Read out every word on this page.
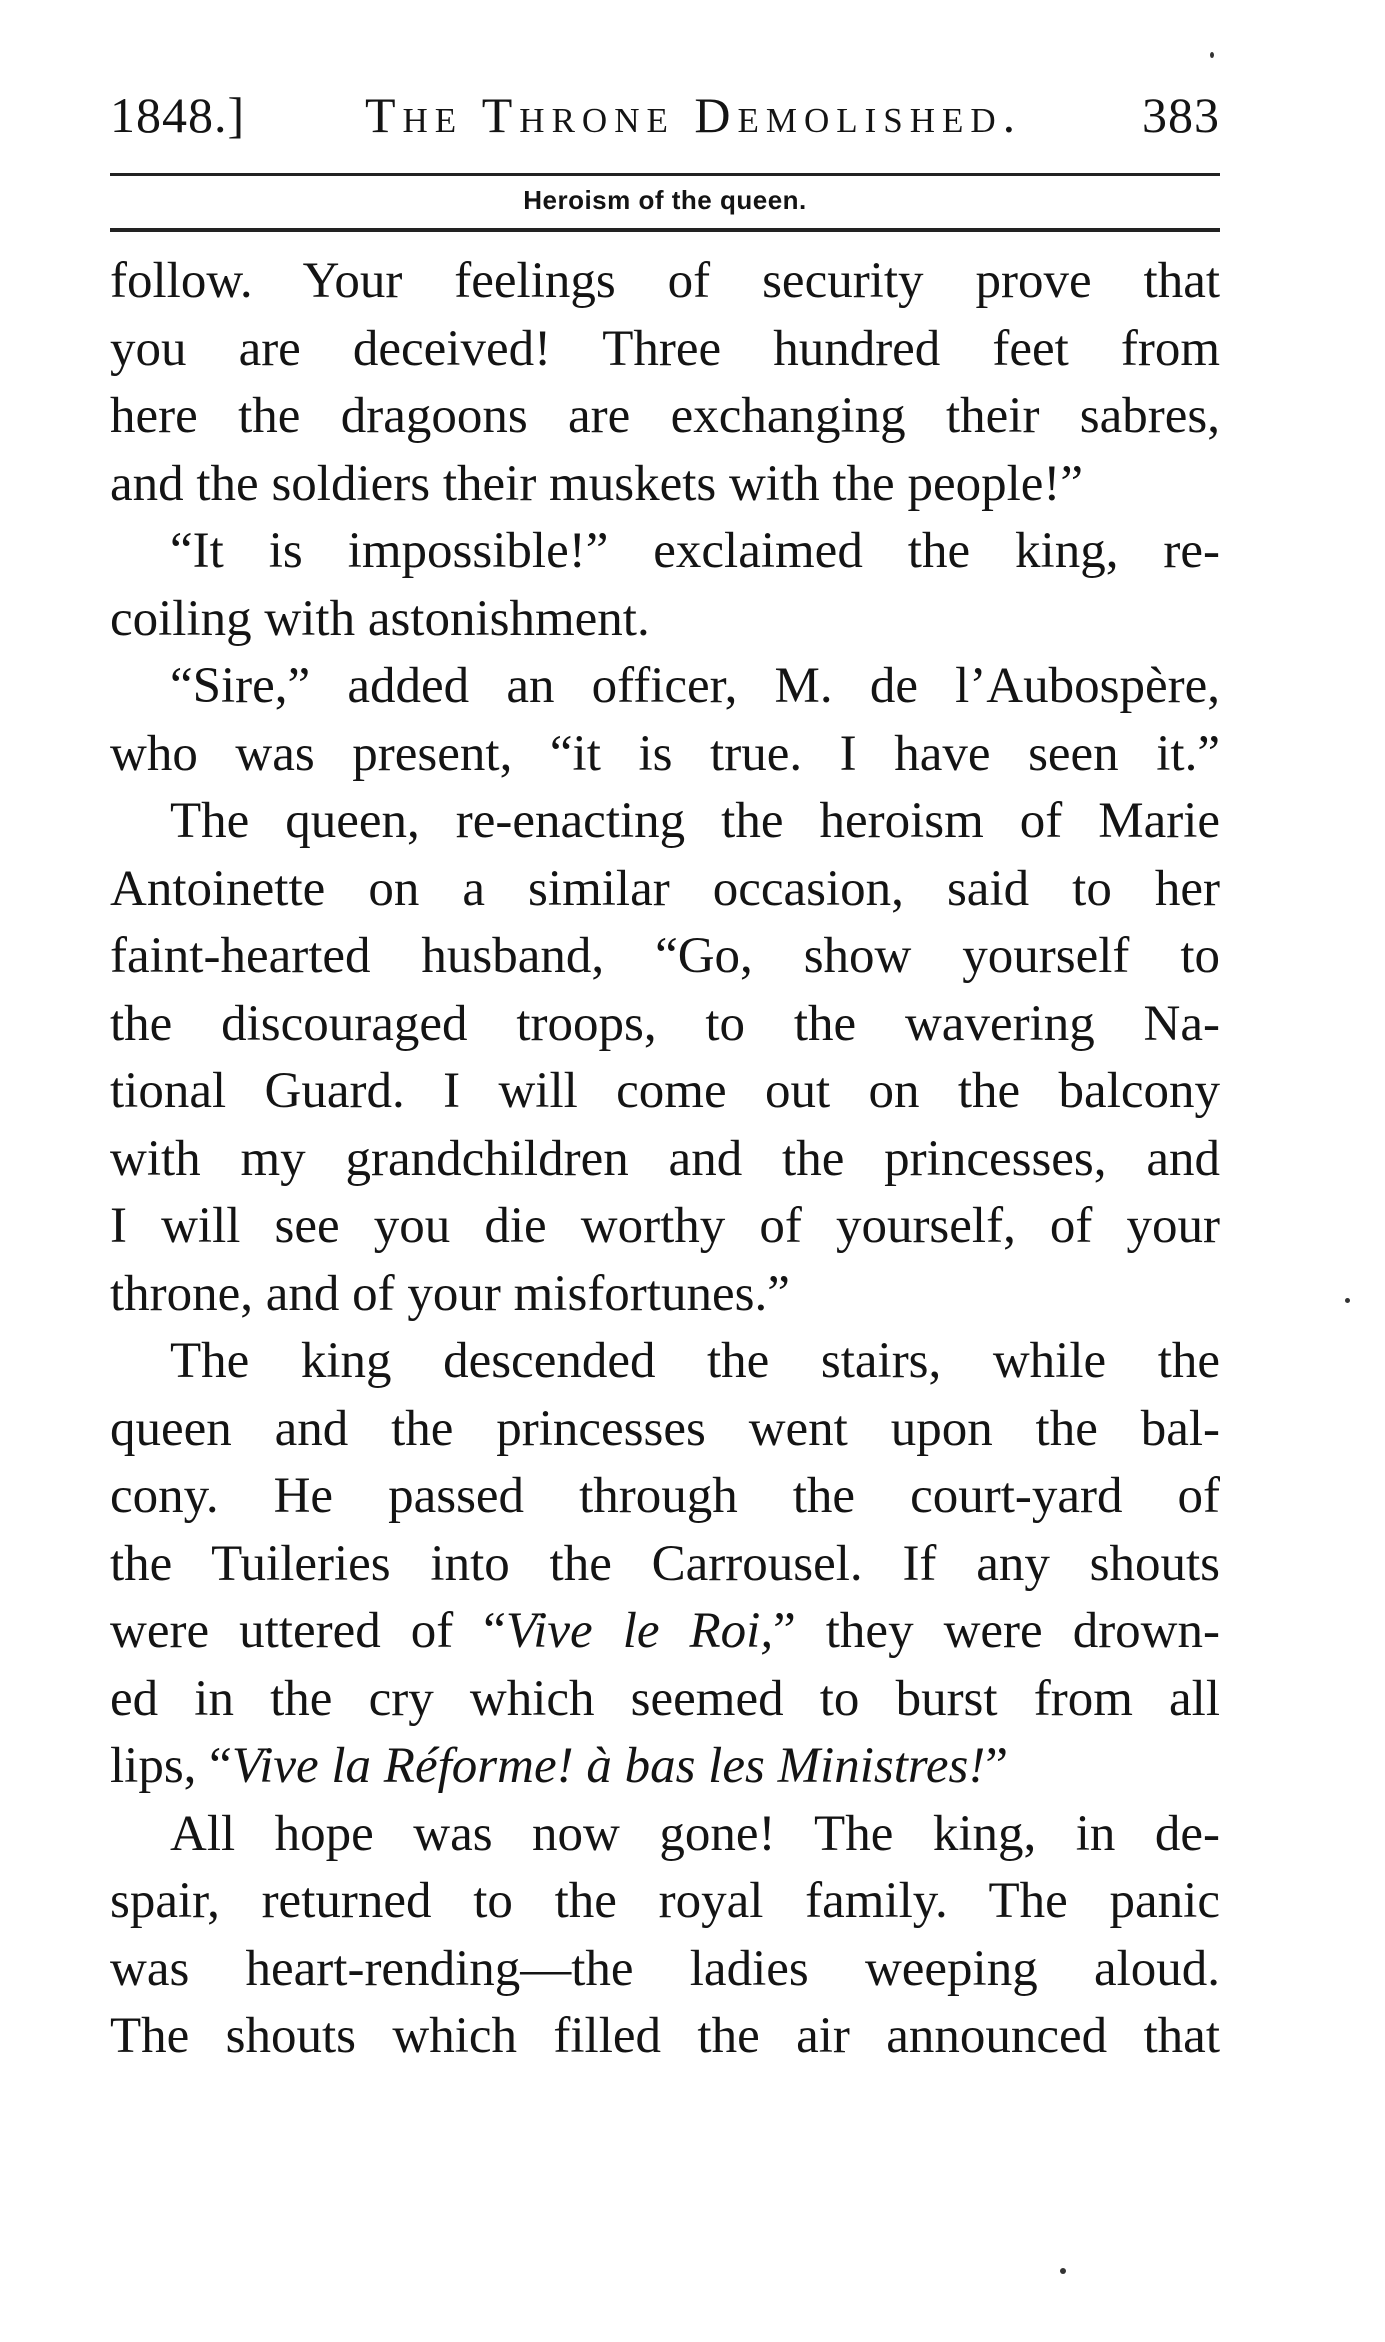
1848.] The Throne Demolished. 383
Heroism of the queen.
follow. Your feelings of security prove that
you are deceived! Three hundred feet from
here the dragoons are exchanging their sabres,
and the soldiers their muskets with the people!”
“It is impossible!” exclaimed the king, re-
coiling with astonishment.
“Sire,” added an officer, M. de l’Aubospère,
who was present, “it is true. I have seen it.”
The queen, re-enacting the heroism of Marie
Antoinette on a similar occasion, said to her
faint-hearted husband, “Go, show yourself to
the discouraged troops, to the wavering Na-
tional Guard. I will come out on the balcony
with my grandchildren and the princesses, and
I will see you die worthy of yourself, of your
throne, and of your misfortunes.”
The king descended the stairs, while the
queen and the princesses went upon the bal-
cony. He passed through the court-yard of
the Tuileries into the Carrousel. If any shouts
were uttered of “Vive le Roi,” they were drown-
ed in the cry which seemed to burst from all
lips, “Vive la Réforme! à bas les Ministres!”
All hope was now gone! The king, in de-
spair, returned to the royal family. The panic
was heart-rending—the ladies weeping aloud.
The shouts which filled the air announced that
